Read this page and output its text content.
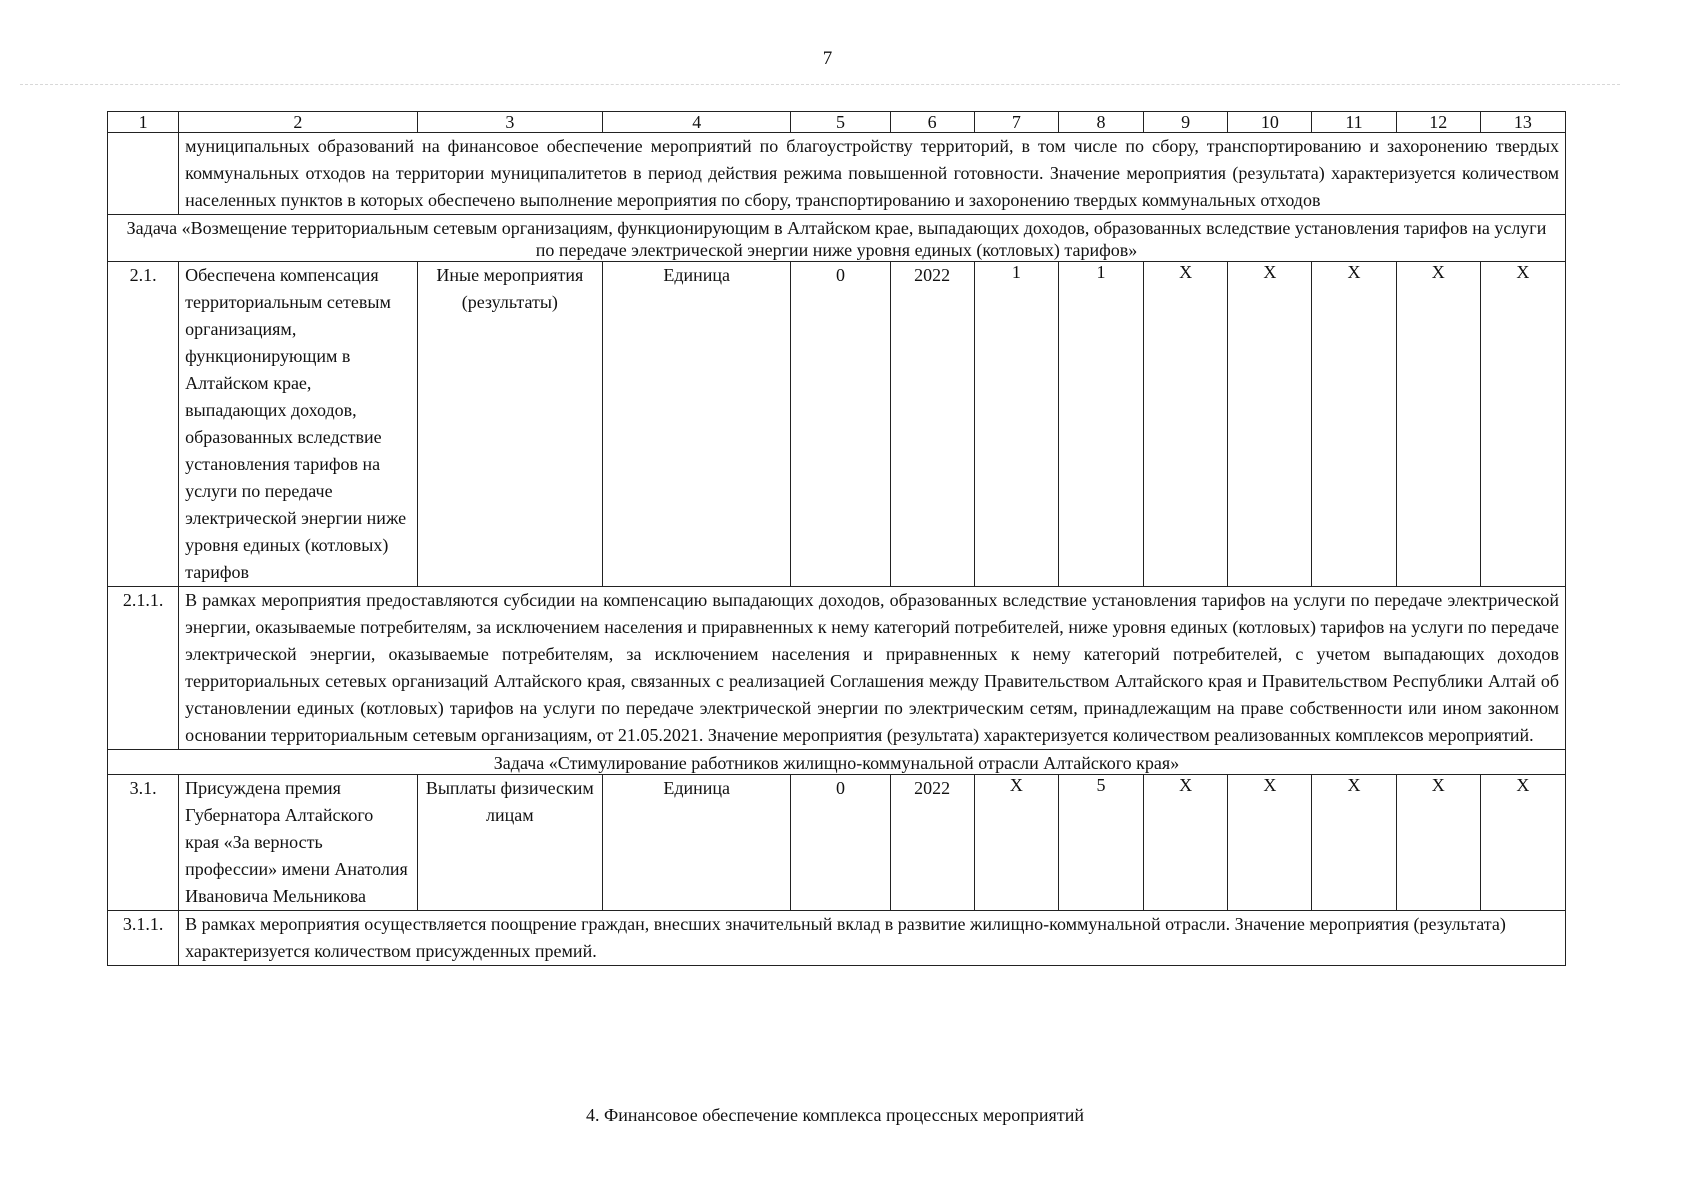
7
1	2	3	4	5	6	7	8	9	10	11	12	13
	муниципальных образований на финансовое обеспечение мероприятий по благоустройству территорий, в том числе по сбору, транспортированию и захоронению твердых коммунальных отходов на территории муниципалитетов в период действия режима повышенной готовности. Значение мероприятия (результата) характеризуется количеством населенных пунктов в которых обеспечено выполнение мероприятия по сбору, транспортированию и захоронению твердых коммунальных отходов											
Задача «Возмещение территориальным сетевым организациям, функционирующим в Алтайском крае, выпадающих доходов, образованных вследствие установления тарифов на услуги по передаче электрической энергии ниже уровня единых (котловых) тарифов»												
2.1.	Обеспечена компенсация территориальным сетевым организациям, функционирующим в Алтайском крае, выпадающих доходов, образованных вследствие установления тарифов на услуги по передаче электрической энергии ниже уровня единых (котловых) тарифов	Иные мероприятия (результаты)	Единица	0	2022	1	1	X	X	X	X	X
2.1.1.	В рамках мероприятия предоставляются субсидии на компенсацию выпадающих доходов, образованных вследствие установления тарифов на услуги по передаче электрической энергии, оказываемые потребителям, за исключением населения и приравненных к нему категорий потребителей, ниже уровня единых (котловых) тарифов на услуги по передаче электрической энергии, оказываемые потребителям, за исключением населения и приравненных к нему категорий потребителей, с учетом выпадающих доходов территориальных сетевых организаций Алтайского края, связанных с реализацией Соглашения между Правительством Алтайского края и Правительством Республики Алтай об установлении единых (котловых) тарифов на услуги по передаче электрической энергии по электрическим сетям, принадлежащим на праве собственности или ином законном основании территориальным сетевым организациям, от 21.05.2021. Значение мероприятия (результата) характеризуется количеством реализованных комплексов мероприятий.											
Задача «Стимулирование работников жилищно-коммунальной отрасли Алтайского края»												
3.1.	Присуждена премия Губернатора Алтайского края «За верность профессии» имени Анатолия Ивановича Мельникова	Выплаты физическим лицам	Единица	0	2022	X	5	X	X	X	X	X
3.1.1.	В рамках мероприятия осуществляется поощрение граждан, внесших значительный вклад в развитие жилищно-коммунальной отрасли. Значение мероприятия (результата) характеризуется количеством присужденных премий.											
4. Финансовое обеспечение комплекса процессных мероприятий
